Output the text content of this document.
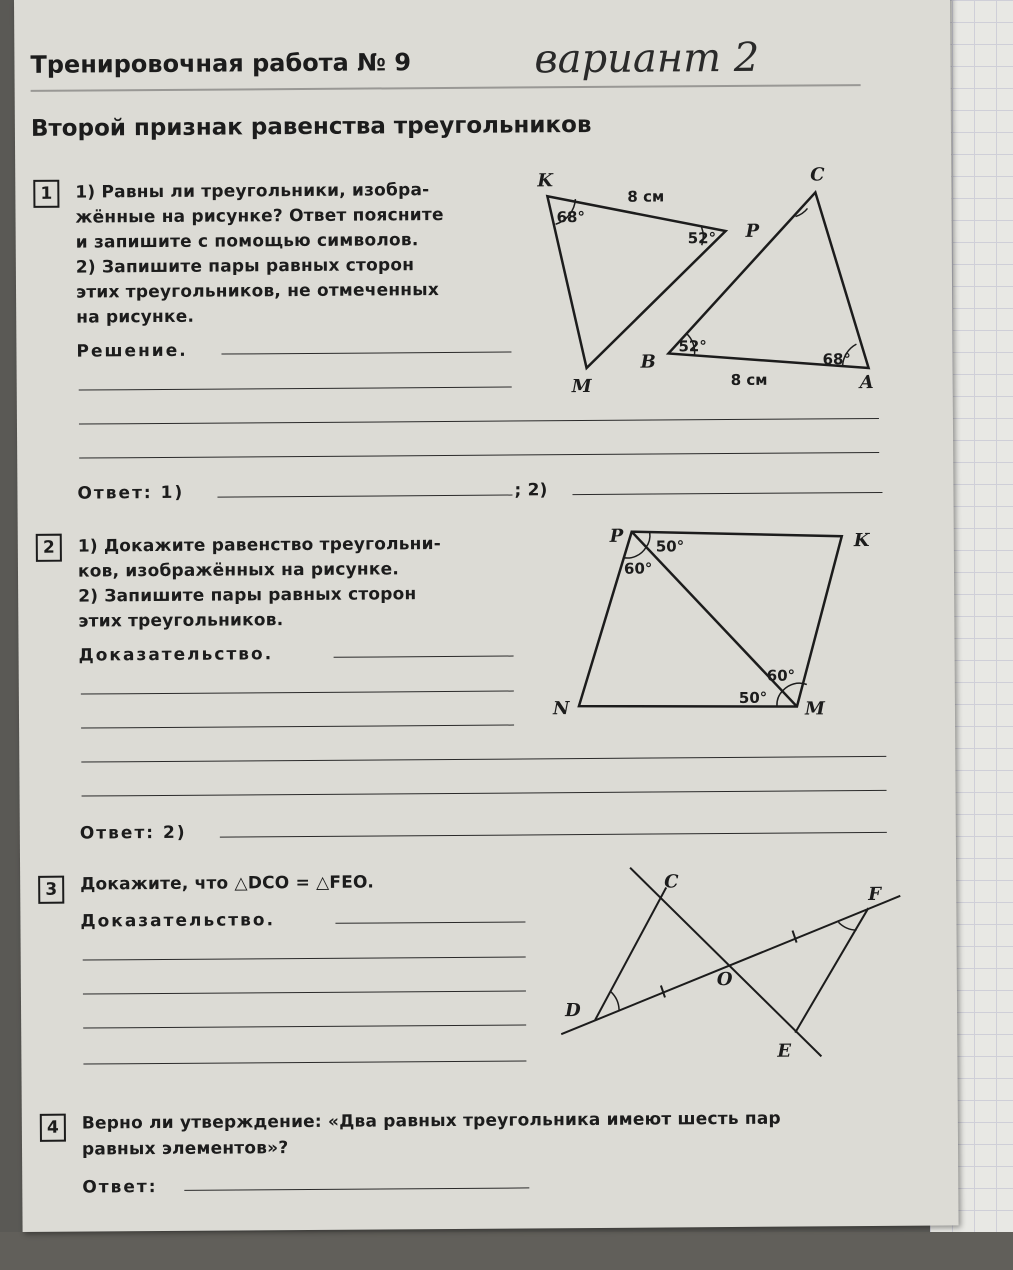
Тренировочная работа № 9	вариант 2
Второй признак равенства треугольников
1	1) Равны ли треугольники, изобра-
жённые на рисунке? Ответ поясните
и запишите с помощью символов.
2) Запишите пары равных сторон
этих треугольников, не отмеченных
на рисунке.
Решение.
Ответ: 1)	; 2)
K
M
P
C
B
A
68°
52°
52°
68°
8 см
8 см
2	1) Докажите равенство треугольни-
ков, изображённых на рисунке.
2) Запишите пары равных сторон
этих треугольников.
Доказательство.
Ответ: 2)
P	K
N	M
50°
60°
60°
50°
3	Докажите, что △DCO = △FEO.
Доказательство.
C
F
O
D
E
4	Верно ли утверждение: «Два равных треугольника имеют шесть пар
равных элементов»?
Ответ:
